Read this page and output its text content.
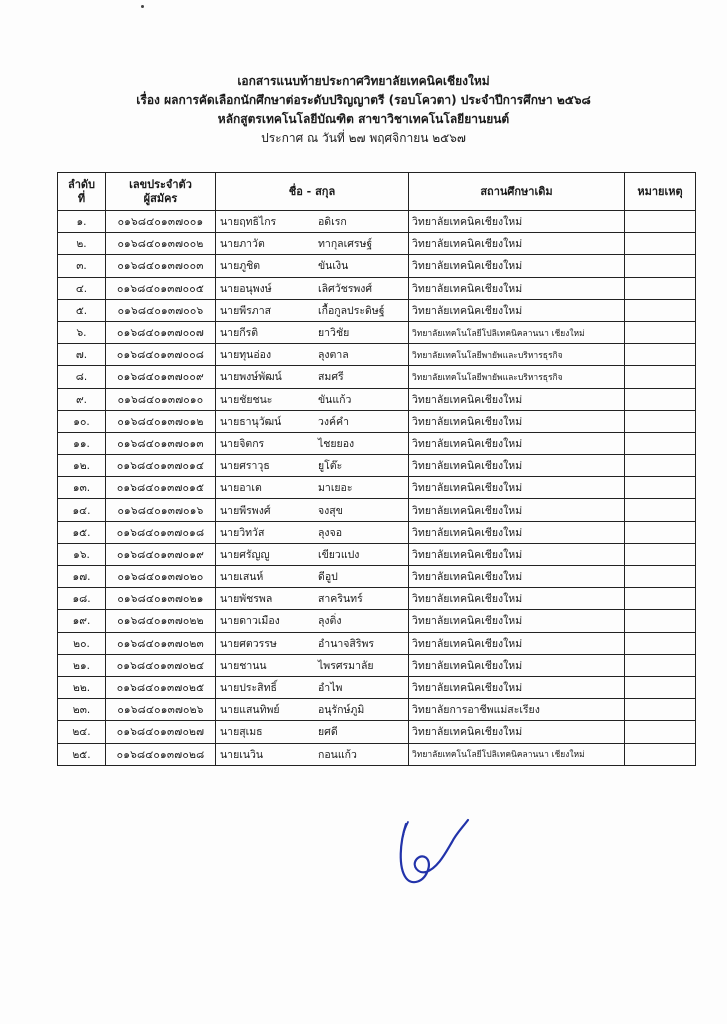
เอกสารแนบท้ายประกาศวิทยาลัยเทคนิคเชียงใหม่
เรื่อง ผลการคัดเลือกนักศึกษาต่อระดับปริญญาตรี (รอบโควตา) ประจำปีการศึกษา ๒๕๖๘
หลักสูตรเทคโนโลยีบัณฑิต สาขาวิชาเทคโนโลยียานยนต์
ประกาศ ณ วันที่ ๒๗ พฤศจิกายน ๒๕๖๗
ลำดับ
ที่	เลขประจำตัว
ผู้สมัคร	ชื่อ - สกุล	สถานศึกษาเดิม	หมายเหตุ
๑.	๐๑๖๘๔๐๑๓๗๐๐๑	นายฤทธิไกร อดิเรก	วิทยาลัยเทคนิคเชียงใหม่	
๒.	๐๑๖๘๔๐๑๓๗๐๐๒	นายภาวัต ทากุลเศรษฐ์	วิทยาลัยเทคนิคเชียงใหม่	
๓.	๐๑๖๘๔๐๑๓๗๐๐๓	นายภูชิต ขันเงิน	วิทยาลัยเทคนิคเชียงใหม่	
๔.	๐๑๖๘๔๐๑๓๗๐๐๕	นายอนุพงษ์ เลิศวัชรพงศ์	วิทยาลัยเทคนิคเชียงใหม่	
๕.	๐๑๖๘๔๐๑๓๗๐๐๖	นายพีรภาส เกื้อกูลประดิษฐ์	วิทยาลัยเทคนิคเชียงใหม่	
๖.	๐๑๖๘๔๐๑๓๗๐๐๗	นายกีรติ ยาวิชัย	วิทยาลัยเทคโนโลยีโปลิเทคนิคลานนา เชียงใหม่	
๗.	๐๑๖๘๔๐๑๓๗๐๐๘	นายทุนอ่อง ลุงตาล	วิทยาลัยเทคโนโลยีพายัพและบริหารธุรกิจ	
๘.	๐๑๖๘๔๐๑๓๗๐๐๙	นายพงษ์พัฒน์ สมศรี	วิทยาลัยเทคโนโลยีพายัพและบริหารธุรกิจ	
๙.	๐๑๖๘๔๐๑๓๗๐๑๐	นายชัยชนะ ขันแก้ว	วิทยาลัยเทคนิคเชียงใหม่	
๑๐.	๐๑๖๘๔๐๑๓๗๐๑๒	นายธานุวัฒน์ วงค์คำ	วิทยาลัยเทคนิคเชียงใหม่	
๑๑.	๐๑๖๘๔๐๑๓๗๐๑๓	นายจิตกร ไชยยอง	วิทยาลัยเทคนิคเชียงใหม่	
๑๒.	๐๑๖๘๔๐๑๓๗๐๑๔	นายศราวุธ ยูโต๊ะ	วิทยาลัยเทคนิคเชียงใหม่	
๑๓.	๐๑๖๘๔๐๑๓๗๐๑๕	นายอาเต มาเยอะ	วิทยาลัยเทคนิคเชียงใหม่	
๑๔.	๐๑๖๘๔๐๑๓๗๐๑๖	นายพีรพงศ์ จงสุข	วิทยาลัยเทคนิคเชียงใหม่	
๑๕.	๐๑๖๘๔๐๑๓๗๐๑๘	นายวิทวัส ลุงจอ	วิทยาลัยเทคนิคเชียงใหม่	
๑๖.	๐๑๖๘๔๐๑๓๗๐๑๙	นายศรัญญู เขียวแปง	วิทยาลัยเทคนิคเชียงใหม่	
๑๗.	๐๑๖๘๔๐๑๓๗๐๒๐	นายเสนห์ ดีอูป	วิทยาลัยเทคนิคเชียงใหม่	
๑๘.	๐๑๖๘๔๐๑๓๗๐๒๑	นายพัชรพล สาครินทร์	วิทยาลัยเทคนิคเชียงใหม่	
๑๙.	๐๑๖๘๔๐๑๓๗๐๒๒	นายดาวเมือง ลุงติ่ง	วิทยาลัยเทคนิคเชียงใหม่	
๒๐.	๐๑๖๘๔๐๑๓๗๐๒๓	นายศตวรรษ อำนาจสิริพร	วิทยาลัยเทคนิคเชียงใหม่	
๒๑.	๐๑๖๘๔๐๑๓๗๐๒๔	นายชานน ไพรศรมาลัย	วิทยาลัยเทคนิคเชียงใหม่	
๒๒.	๐๑๖๘๔๐๑๓๗๐๒๕	นายประสิทธิ์ อำไพ	วิทยาลัยเทคนิคเชียงใหม่	
๒๓.	๐๑๖๘๔๐๑๓๗๐๒๖	นายแสนทิพย์ อนุรักษ์ภูมิ	วิทยาลัยการอาชีพแม่สะเรียง	
๒๔.	๐๑๖๘๔๐๑๓๗๐๒๗	นายสุเมธ ยศดี	วิทยาลัยเทคนิคเชียงใหม่	
๒๕.	๐๑๖๘๔๐๑๓๗๐๒๘	นายเนวิน กอนแก้ว	วิทยาลัยเทคโนโลยีโปลิเทคนิคลานนา เชียงใหม่	
